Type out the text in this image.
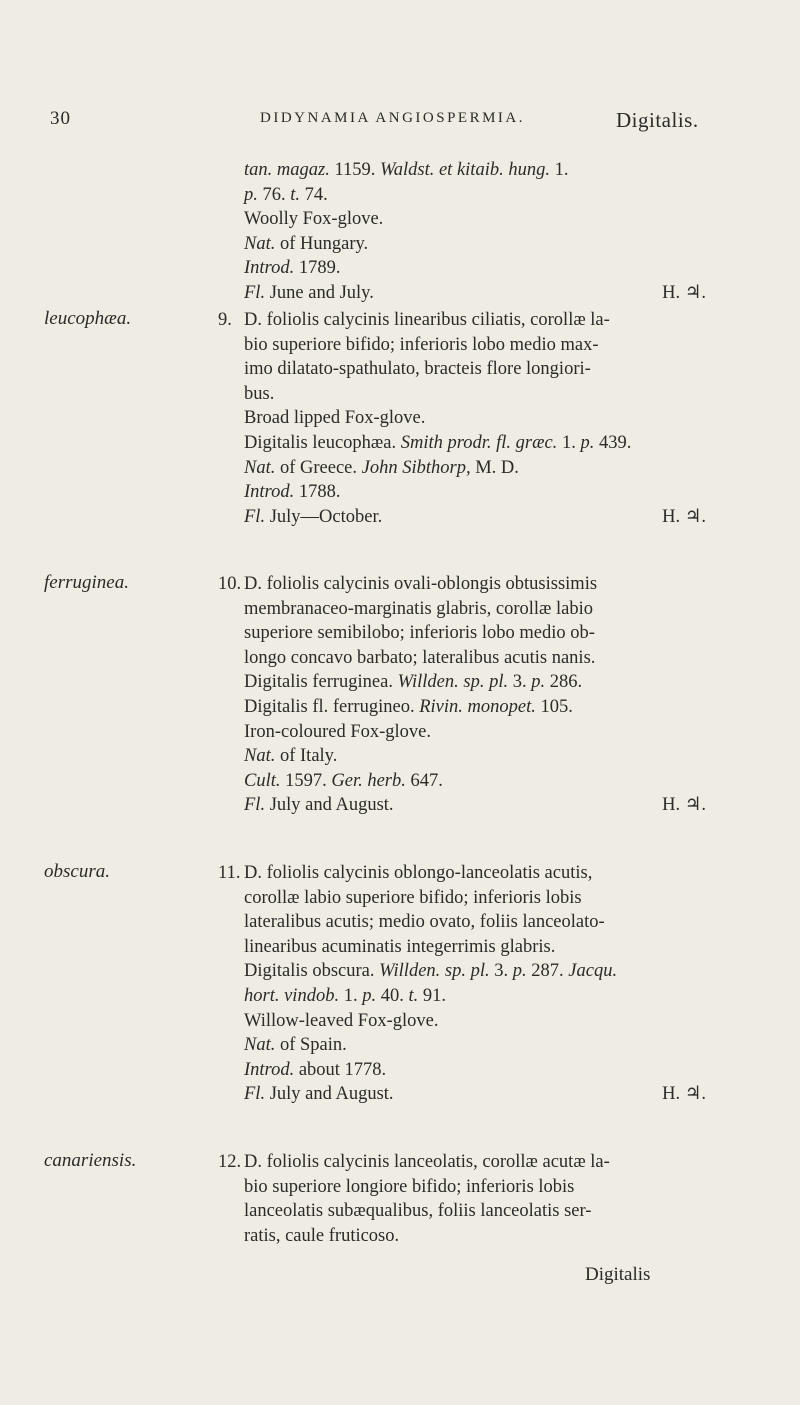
30	DIDYNAMIA ANGIOSPERMIA.	Digitalis.
tan. magaz. 1159. Waldst. et kitaib. hung. 1.
p. 76. t. 74.
Woolly Fox-glove.
Nat. of Hungary.
Introd. 1789.
Fl. June and July.	H. ♃.
leucophæa.	9. D. foliolis calycinis linearibus ciliatis, corollæ la-
bio superiore bifido; inferioris lobo medio max-
imo dilatato-spathulato, bracteis flore longiori-
bus.
Broad lipped Fox-glove.
Digitalis leucophæa. Smith prodr. fl. græc. 1. p. 439.
Nat. of Greece. John Sibthorp, M. D.
Introd. 1788.
Fl. July—October.	H. ♃.
ferruginea.	10. D. foliolis calycinis ovali-oblongis obtusissimis
membranaceo-marginatis glabris, corollæ labio
superiore semibilobo; inferioris lobo medio ob-
longo concavo barbato; lateralibus acutis nanis.
Digitalis ferruginea. Willden. sp. pl. 3. p. 286.
Digitalis fl. ferrugineo. Rivin. monopet. 105.
Iron-coloured Fox-glove.
Nat. of Italy.
Cult. 1597. Ger. herb. 647.
Fl. July and August.	H. ♃.
obscura.	11. D. foliolis calycinis oblongo-lanceolatis acutis,
corollæ labio superiore bifido; inferioris lobis
lateralibus acutis; medio ovato, foliis lanceolato-
linearibus acuminatis integerrimis glabris.
Digitalis obscura. Willden. sp. pl. 3. p. 287. Jacqu.
hort. vindob. 1. p. 40. t. 91.
Willow-leaved Fox-glove.
Nat. of Spain.
Introd. about 1778.
Fl. July and August.	H. ♃.
canariensis.	12. D. foliolis calycinis lanceolatis, corollæ acutæ la-
bio superiore longiore bifido; inferioris lobis
lanceolatis subæqualibus, foliis lanceolatis ser-
ratis, caule fruticoso.
Digitalis
